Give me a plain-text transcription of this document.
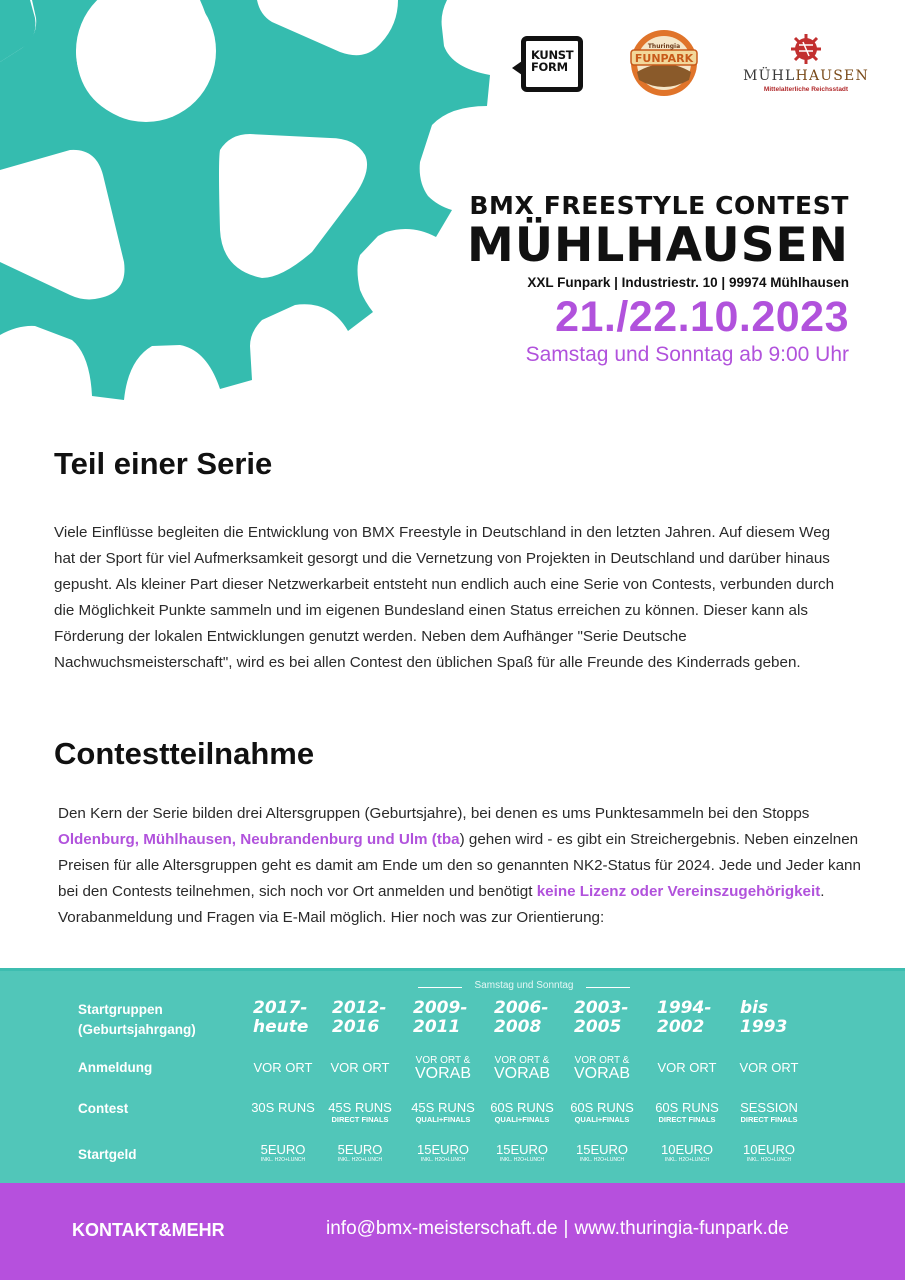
KUNST
FORM
Thuringia
FUNPARK
MÜHLHAUSEN
Mittelalterliche Reichsstadt
BMX FREESTYLE CONTEST
MÜHLHAUSEN
XXL Funpark | Industriestr. 10 | 99974 Mühlhausen
21./22.10.2023
Samstag und Sonntag ab 9:00 Uhr
Teil einer Serie

Viele Einflüsse begleiten die Entwicklung von BMX Freestyle in Deutschland in den letzten Jahren. Auf diesem Weg hat der Sport für viel Aufmerksamkeit gesorgt und die Vernetzung von Projekten in Deutschland und darüber hinaus gepusht. Als kleiner Part dieser Netzwerkarbeit entsteht nun endlich auch eine Serie von Contests, verbunden durch die Möglichkeit Punkte sammeln und im eigenen Bundesland einen Status erreichen zu können. Dieser kann als Förderung der lokalen Entwicklungen genutzt werden. Neben dem Aufhänger "Serie Deutsche Nachwuchsmeisterschaft", wird es bei allen Contest den üblichen Spaß für alle Freunde des Kinderrads geben.

Contestteilnahme

Den Kern der Serie bilden drei Altersgruppen (Geburtsjahre), bei denen es ums Punktesammeln bei den Stopps Oldenburg, Mühlhausen, Neubrandenburg und Ulm (tba) gehen wird - es gibt ein Streichergebnis. Neben einzelnen Preisen für alle Altersgruppen geht es damit am Ende um den so genannten NK2-Status für 2024. Jede und Jeder kann bei den Contests teilnehmen, sich noch vor Ort anmelden und benötigt keine Lizenz oder Vereinszugehörigkeit. Vorabanmeldung und Fragen via E-Mail möglich. Hier noch was zur Orientierung:

Samstag und Sonntag
Startgruppen
(Geburtsjahrgang)
Anmeldung
Contest
Startgeld
2017-
heute
VOR ORT
30S RUNS
5EURO
INKL. H2O+LUNCH
2012-
2016
VOR ORT
45S RUNS
DIRECT FINALS
5EURO
INKL. H2O+LUNCH
2009-
2011
VOR ORT &
VORAB
45S RUNS
QUALI+FINALS
15EURO
INKL. H2O+LUNCH
2006-
2008
VOR ORT &
VORAB
60S RUNS
QUALI+FINALS
15EURO
INKL. H2O+LUNCH
2003-
2005
VOR ORT &
VORAB
60S RUNS
QUALI+FINALS
15EURO
INKL. H2O+LUNCH
1994-
2002
VOR ORT
60S RUNS
DIRECT FINALS
10EURO
INKL. H2O+LUNCH
bis
1993
VOR ORT
SESSION
DIRECT FINALS
10EURO
INKL. H2O+LUNCH
KONTAKT&MEHR	info@bmx-meisterschaft.de | www.thuringia-funpark.de
